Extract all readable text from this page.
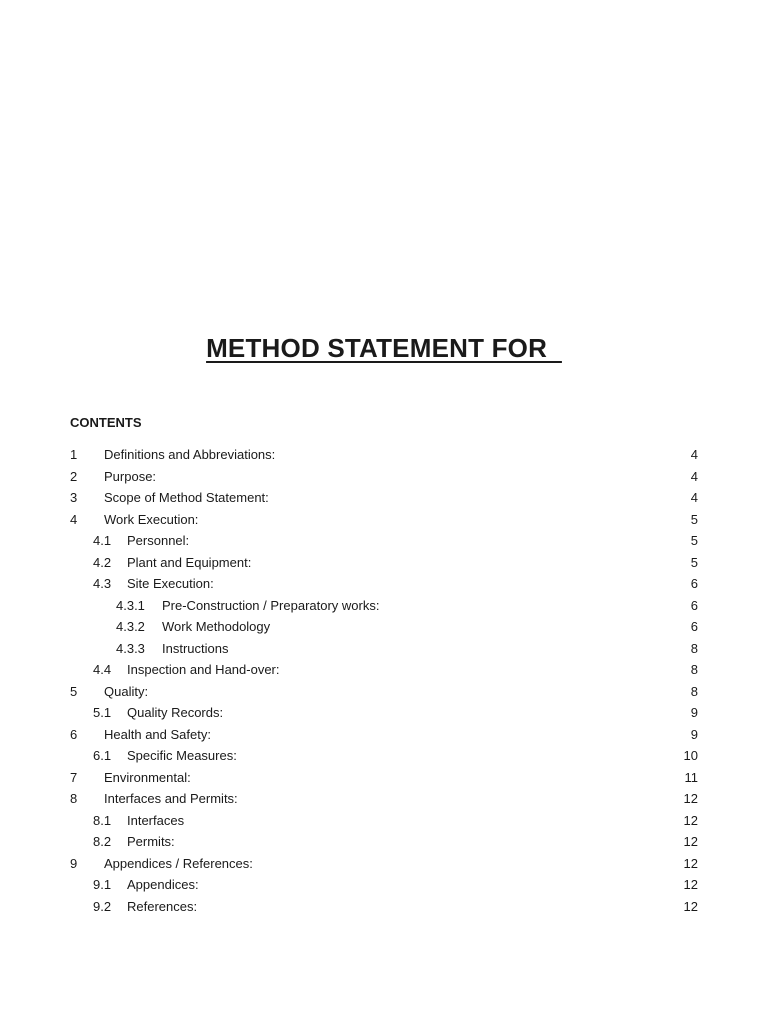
METHOD STATEMENT FOR
CONTENTS
1 Definitions and Abbreviations:	4
2 Purpose:	4
3 Scope of Method Statement:	4
4 Work Execution:	5
4.1 Personnel:	5
4.2 Plant and Equipment:	5
4.3 Site Execution:	6
4.3.1 Pre-Construction / Preparatory works:	6
4.3.2 Work Methodology	6
4.3.3 Instructions	8
4.4 Inspection and Hand-over:	8
5 Quality:	8
5.1 Quality Records:	9
6 Health and Safety:	9
6.1 Specific Measures:	10
7 Environmental:	11
8 Interfaces and Permits:	12
8.1 Interfaces	12
8.2 Permits:	12
9 Appendices / References:	12
9.1 Appendices:	12
9.2 References:	12
